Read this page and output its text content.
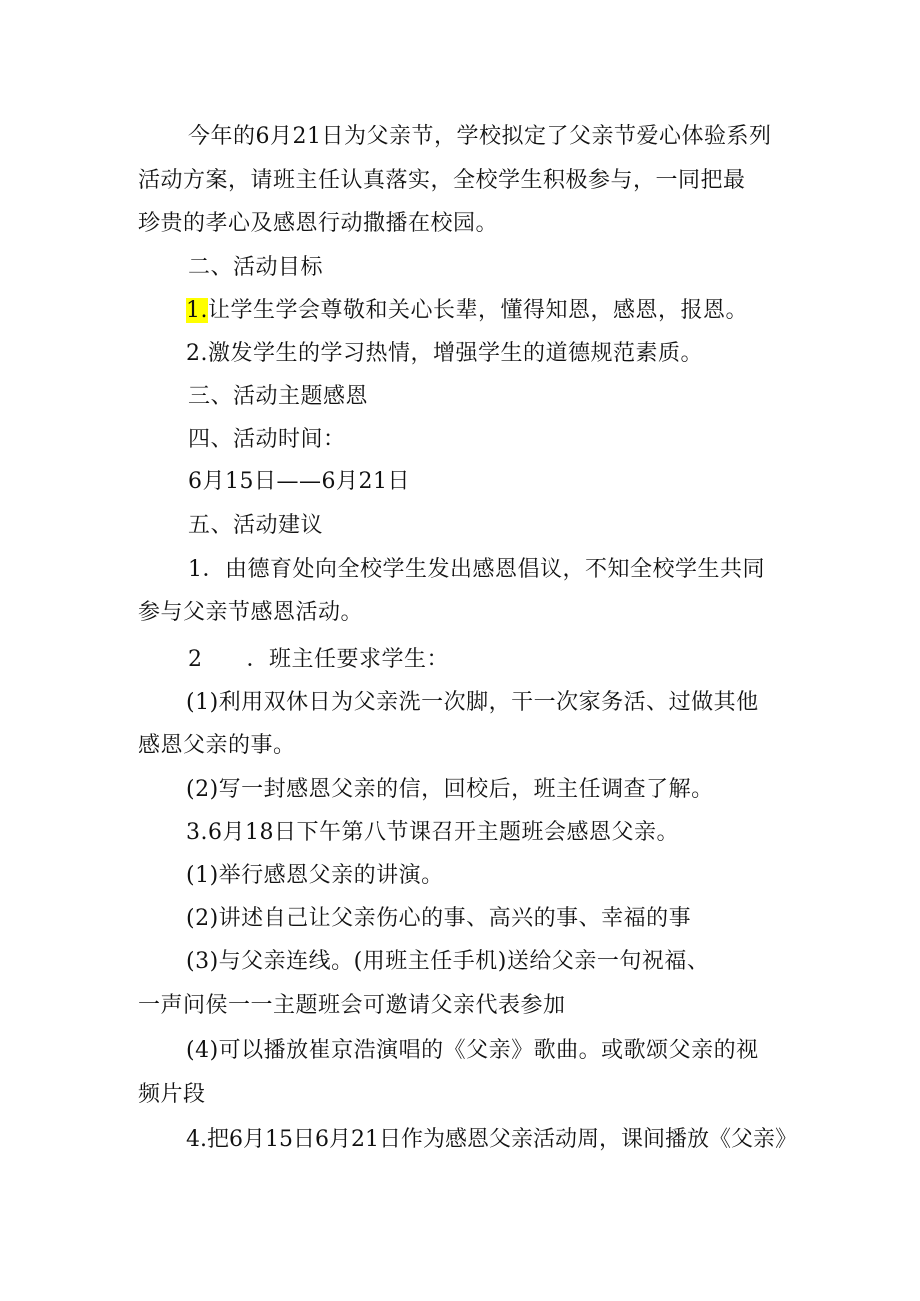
今年的6月21日为父亲节，学校拟定了父亲节爱心体验系列
活动方案，请班主任认真落实，全校学生积极参与，一同把最
珍贵的孝心及感恩行动撒播在校园。
二、活动目标
1.让学生学会尊敬和关心长辈，懂得知恩，感恩，报恩。
2.激发学生的学习热情，增强学生的道德规范素质。
三、活动主题感恩
四、活动时间：
6月15日——6月21日
五、活动建议
1．由德育处向全校学生发出感恩倡议，不知全校学生共同
参与父亲节感恩活动。
2 ．班主任要求学生：
(1)利用双休日为父亲洗一次脚，干一次家务活、过做其他
感恩父亲的事。
(2)写一封感恩父亲的信，回校后，班主任调查了解。
3.6月18日下午第八节课召开主题班会感恩父亲。
(1)举行感恩父亲的讲演。
(2)讲述自己让父亲伤心的事、高兴的事、幸福的事
(3)与父亲连线。(用班主任手机)送给父亲一句祝福、
一声问侯一一主题班会可邀请父亲代表参加
(4)可以播放崔京浩演唱的《父亲》歌曲。或歌颂父亲的视
频片段
4.把6月15日6月21日作为感恩父亲活动周，课间播放《父亲》
